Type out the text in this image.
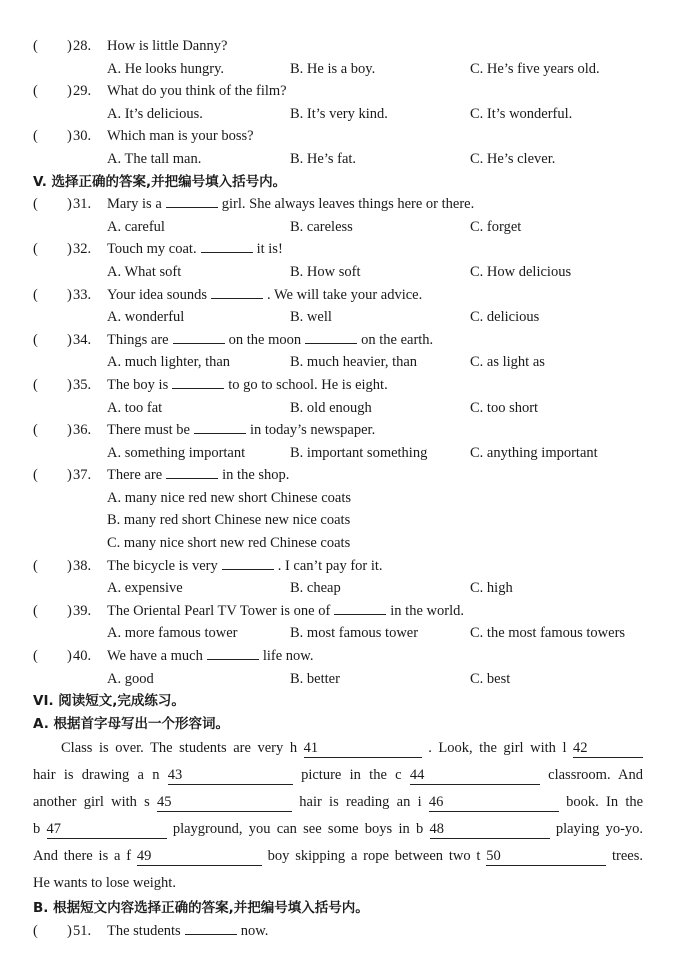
( ) 28. How is little Danny?
A. He looks hungry.	B. He is a boy.	C. He’s five years old.
( ) 29. What do you think of the film?
A. It’s delicious.	B. It’s very kind.	C. It’s wonderful.
( ) 30. Which man is your boss?
A. The tall man.	B. He’s fat.	C. He’s clever.
V. 选择正确的答案,并把编号填入括号内。
( ) 31. Mary is a	girl. She always leaves things here or there.
A. careful	B. careless	C. forget
( ) 32. Touch my coat.	it is!
A. What soft	B. How soft	C. How delicious
( ) 33. Your idea sounds	. We will take your advice.
A. wonderful	B. well	C. delicious
( ) 34. Things are	on the moon	on the earth.
A. much lighter, than	B. much heavier, than	C. as light as
( ) 35. The boy is	to go to school. He is eight.
A. too fat	B. old enough	C. too short
( ) 36. There must be	in today’s newspaper.
A. something important	B. important something	C. anything important
( ) 37. There are	in the shop.
A. many nice red new short Chinese coats
B. many red short Chinese new nice coats
C. many nice short new red Chinese coats
( ) 38. The bicycle is very	. I can’t pay for it.
A. expensive	B. cheap	C. high
( ) 39. The Oriental Pearl TV Tower is one of	in the world.
A. more famous tower	B. most famous tower	C. the most famous towers
( ) 40. We have a much	life now.
A. good	B. better	C. best
VI. 阅读短文,完成练习。
A. 根据首字母写出一个形容词。
Class is over. The students are very h 41	. Look, the girl with l 42
hair is drawing a n 43	picture in the c 44	classroom. And
another girl with s 45	hair is reading an i 46	book. In the
b 47	playground, you can see some boys in b 48	playing yo-yo.
And there is a f 49	boy skipping a rope between two t 50	trees.
He wants to lose weight.
B. 根据短文内容选择正确的答案,并把编号填入括号内。
( ) 51. The students	now.
